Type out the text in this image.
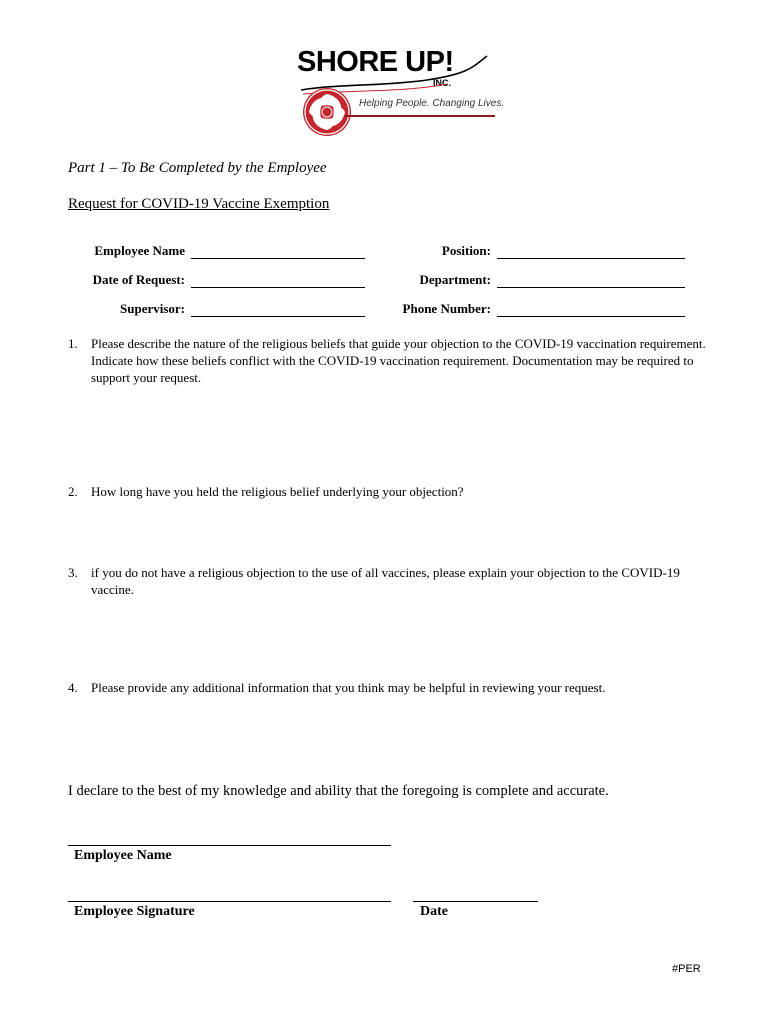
SHORE UP!
INC.
Helping People. Changing Lives.
Part 1 – To Be Completed by the Employee
Request for COVID-19 Vaccine Exemption
Employee Name
Date of Request:
Supervisor:
Position:
Department:
Phone Number:
1. Please describe the nature of the religious beliefs that guide your objection to the COVID-19 vaccination requirement. Indicate how these beliefs conflict with the COVID-19 vaccination requirement. Documentation may be required to support your request.
2. How long have you held the religious belief underlying your objection?
3. if you do not have a religious objection to the use of all vaccines, please explain your objection to the COVID-19 vaccine.
4. Please provide any additional information that you think may be helpful in reviewing your request.
I declare to the best of my knowledge and ability that the foregoing is complete and accurate.
Employee Name
Employee Signature	Date
#PER
